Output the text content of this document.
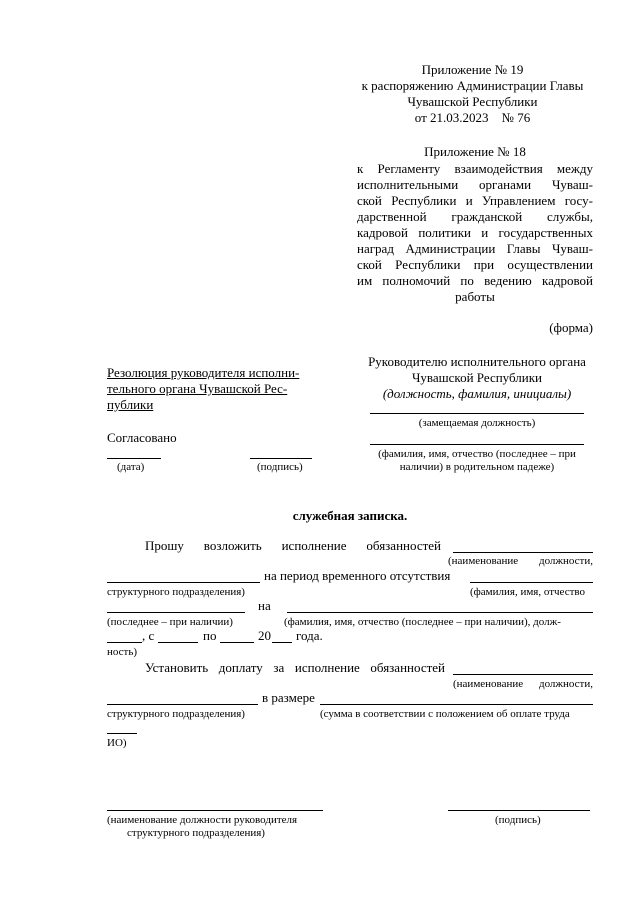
Приложение № 19
к распоряжению Администрации Главы
Чувашской Республики
от 21.03.2023    № 76
Приложение № 18
к Регламенту взаимодействия между
исполнительными органами Чуваш-
ской Республики и Управлением госу-
дарственной гражданской службы,
кадровой политики и государственных
наград Администрации Главы Чуваш-
ской Республики при осуществлении
им полномочий по ведению кадровой
работы
(форма)
Резолюция руководителя исполни-
тельного органа Чувашской Рес-
публики
Согласовано
(дата)	(подпись)
Руководителю исполнительного органа
Чувашской Республики
(должность, фамилия, инициалы)
(замещаемая должность)
(фамилия, имя, отчество (последнее – при
наличии) в родительном падеже)
служебная записка.
Прошу возложить исполнение обязанностей
(наименование должности,
на период временного отсутствия
структурного подразделения)	(фамилия, имя, отчество
на
(последнее – при наличии)	(фамилия, имя, отчество (последнее – при наличии), долж-
, с	по	20 года.
ность)
Установить доплату за исполнение обязанностей
(наименование должности,
в размере
структурного подразделения)	(сумма в соответствии с положением об оплате труда
ИО)
(наименование должности руководителя
структурного подразделения)
(подпись)
